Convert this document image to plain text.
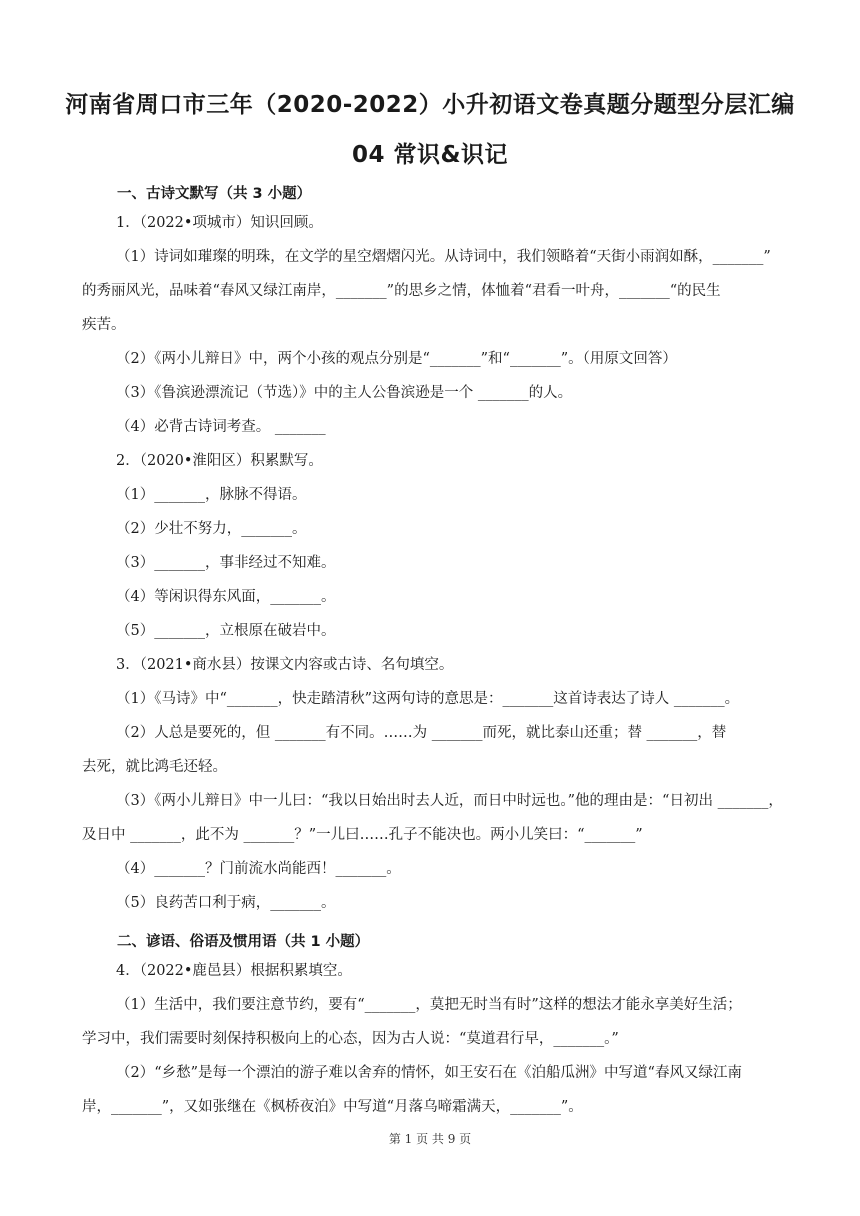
河南省周口市三年（2020-2022）小升初语文卷真题分题型分层汇编
04 常识&识记
一、古诗文默写（共 3 小题）
1．（2022•项城市）知识回顾。
（1）诗词如璀璨的明珠，在文学的星空熠熠闪光。从诗词中，我们领略着“天街小雨润如酥，_______”
的秀丽风光，品味着“春风又绿江南岸，_______”的思乡之情，体恤着“君看一叶舟，_______“的民生
疾苦。
（2）《两小儿辩日》中，两个小孩的观点分别是“_______”和“_______”。（用原文回答）
（3）《鲁滨逊漂流记（节选）》中的主人公鲁滨逊是一个 _______的人。
（4）必背古诗词考查。 _______
2．（2020•淮阳区）积累默写。
（1）_______，脉脉不得语。
（2）少壮不努力，_______。
（3）_______，事非经过不知难。
（4）等闲识得东风面，_______。
（5）_______，立根原在破岩中。
3．（2021•商水县）按课文内容或古诗、名句填空。
（1）《马诗》中“_______，快走踏清秋”这两句诗的意思是：_______这首诗表达了诗人 _______。
（2）人总是要死的，但 _______有不同。……为 _______而死，就比泰山还重；替 _______，替
去死，就比鸿毛还轻。
（3）《两小儿辩日》中一儿曰：“我以日始出时去人近，而日中时远也。”他的理由是：“日初出 _______，
及日中 _______，此不为 _______？”一儿曰……孔子不能决也。两小儿笑曰：“_______”
（4）_______？门前流水尚能西！_______。
（5）良药苦口利于病，_______。
二、谚语、俗语及惯用语（共 1 小题）
4．（2022•鹿邑县）根据积累填空。
（1）生活中，我们要注意节约，要有“_______，莫把无时当有时”这样的想法才能永享美好生活；
学习中，我们需要时刻保持积极向上的心态，因为古人说：“莫道君行早，_______。”
（2）“乡愁”是每一个漂泊的游子难以舍弃的情怀，如王安石在《泊船瓜洲》中写道“春风又绿江南
岸，_______”，又如张继在《枫桥夜泊》中写道“月落乌啼霜满天，_______”。
第 1 页 共 9 页
